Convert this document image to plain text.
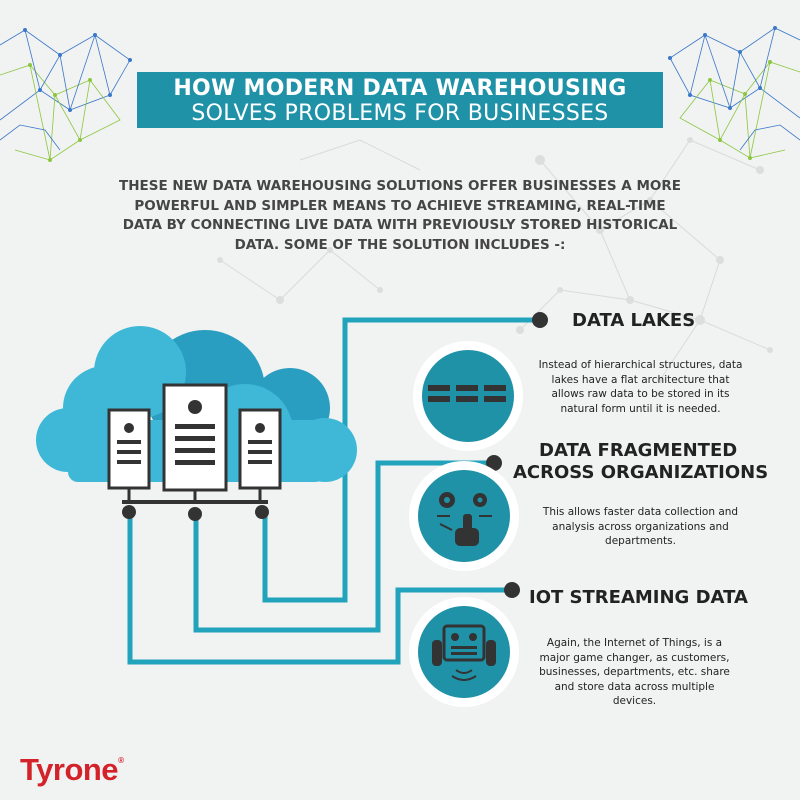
HOW MODERN DATA WAREHOUSING
SOLVES PROBLEMS FOR BUSINESSES
THESE NEW DATA WAREHOUSING SOLUTIONS OFFER BUSINESSES A MORE POWERFUL AND SIMPLER MEANS TO ACHIEVE STREAMING, REAL-TIME DATA BY CONNECTING LIVE DATA WITH PREVIOUSLY STORED HISTORICAL DATA. SOME OF THE SOLUTION INCLUDES -:
DATA LAKES
Instead of hierarchical structures, data lakes have a flat architecture that allows raw data to be stored in its natural form until it is needed.
DATA FRAGMENTED
ACROSS ORGANIZATIONS
This allows faster data collection and analysis across organizations and departments.
IOT STREAMING DATA
Again, the Internet of Things, is a major game changer, as customers, businesses, departments, etc. share and store data across multiple devices.
Tyrone®
